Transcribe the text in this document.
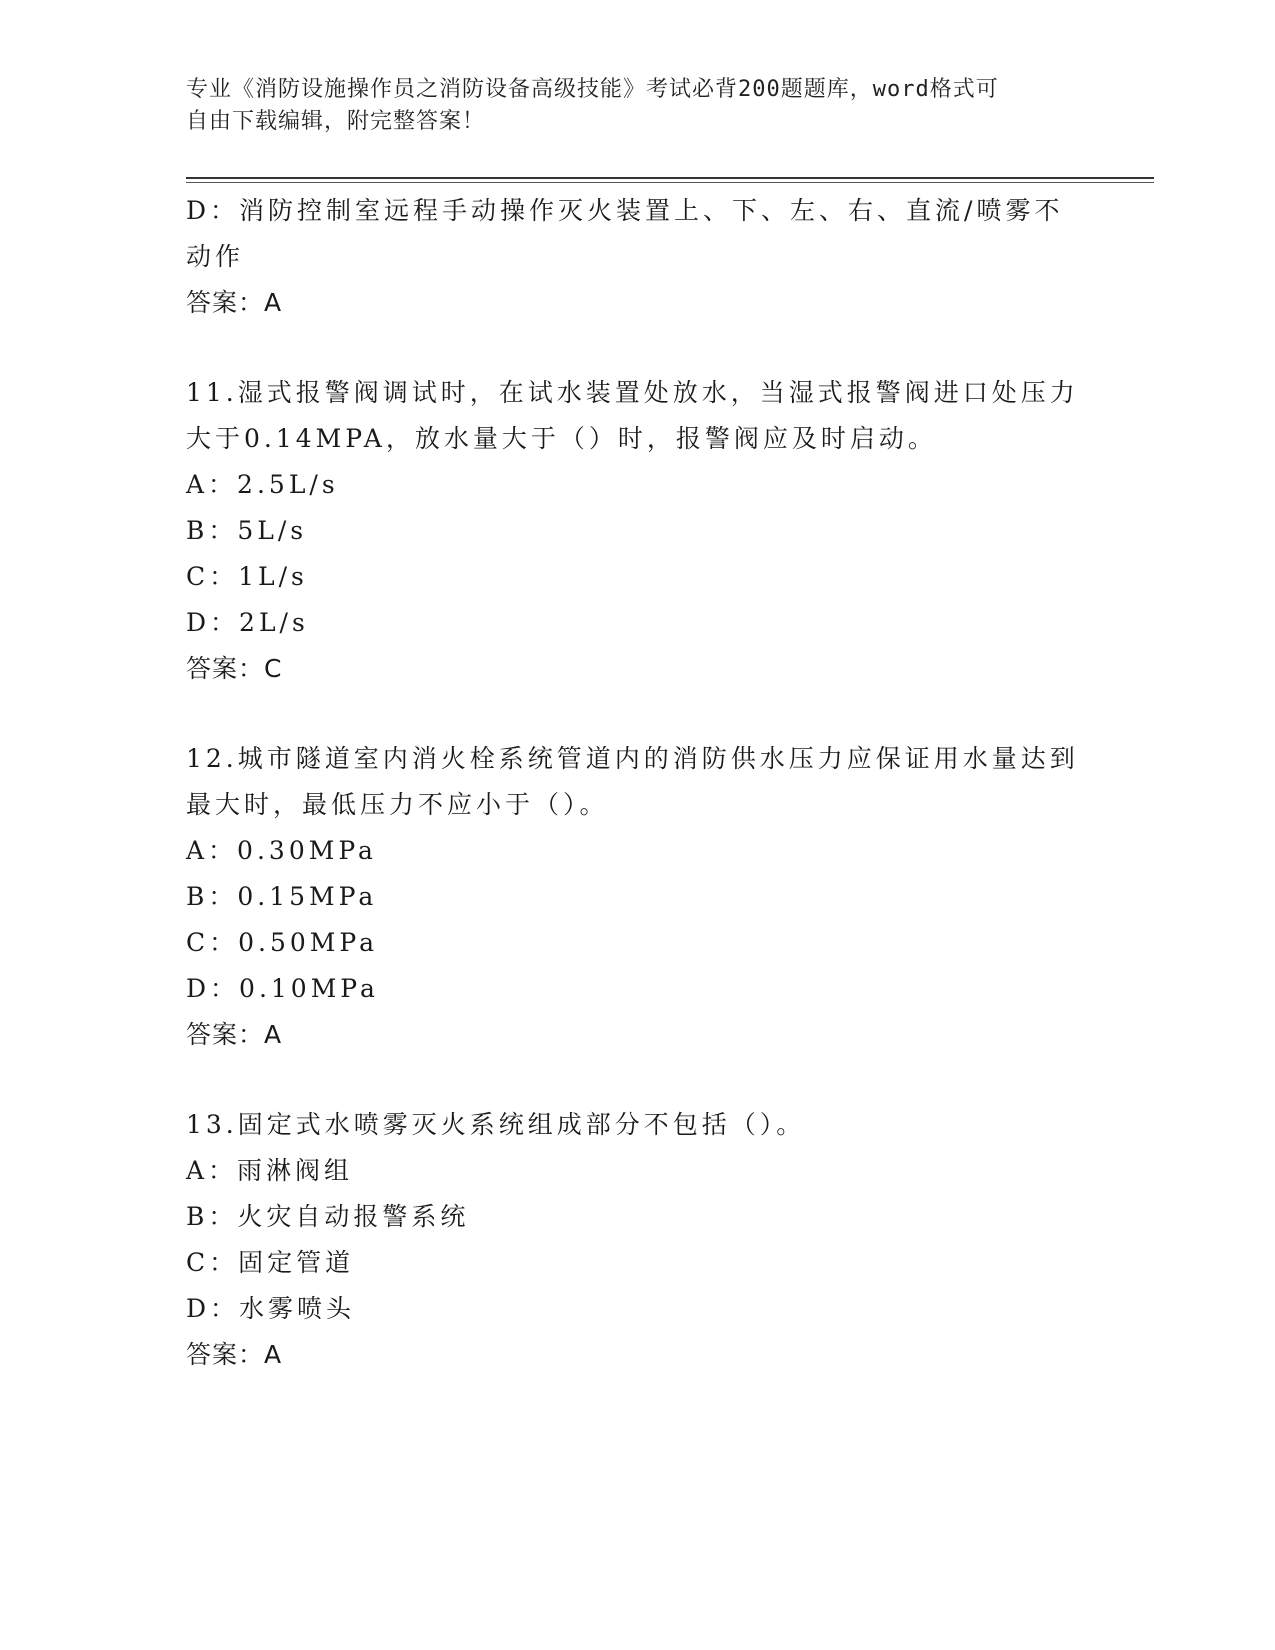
专业《消防设施操作员之消防设备高级技能》考试必背200题题库，word格式可
自由下载编辑，附完整答案！
D：消防控制室远程手动操作灭火装置上、下、左、右、直流/喷雾不
动作
答案：A
11.湿式报警阀调试时，在试水装置处放水，当湿式报警阀进口处压力
大于0.14MPA，放水量大于（）时，报警阀应及时启动。
A：2.5L/s
B：5L/s
C：1L/s
D：2L/s
答案：C
12.城市隧道室内消火栓系统管道内的消防供水压力应保证用水量达到
最大时，最低压力不应小于（）。
A：0.30MPa
B：0.15MPa
C：0.50MPa
D：0.10MPa
答案：A
13.固定式水喷雾灭火系统组成部分不包括（）。
A：雨淋阀组
B：火灾自动报警系统
C：固定管道
D：水雾喷头
答案：A
